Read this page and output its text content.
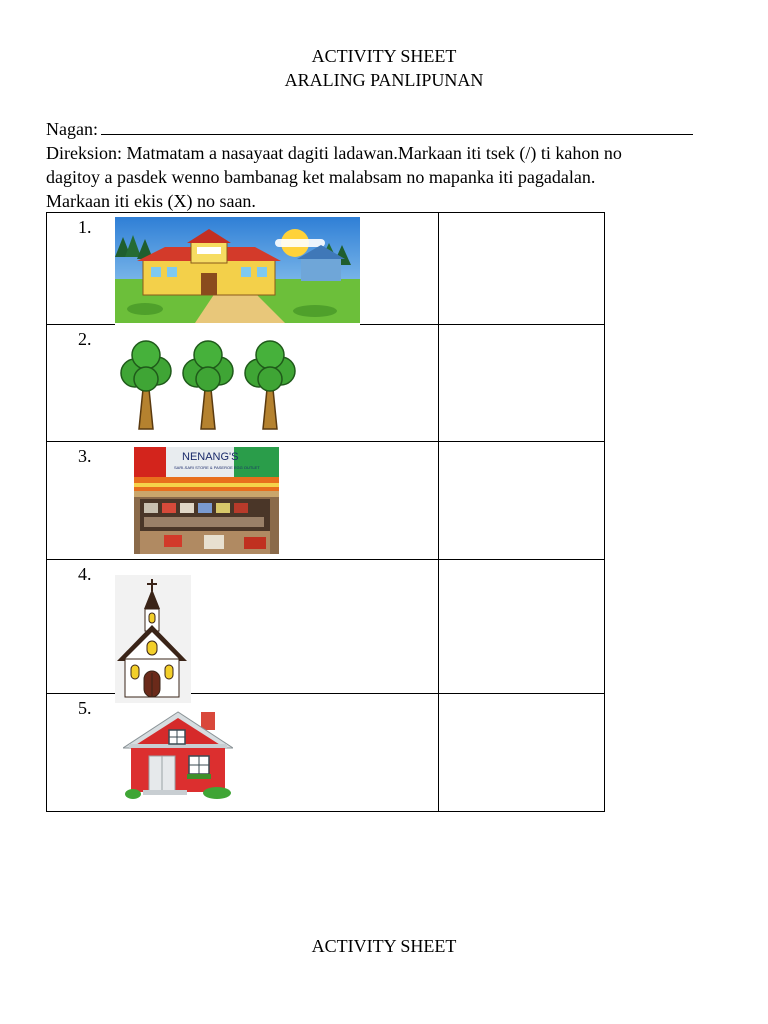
ACTIVITY SHEET
ARALING PANLIPUNAN
Nagan:
Direksion: Matmatam a nasayaat dagiti ladawan.Markaan iti tsek (/) ti kahon no
dagitoy a pasdek wenno bambanag ket malabsam no mapanka iti pagadalan.
Markaan iti ekis (X) no saan.
1.	

2.	

3. NENANG'S
SARI-SARI STORE & PASEROE EGG OUTLET	

4.	

5.	

ACTIVITY SHEET
